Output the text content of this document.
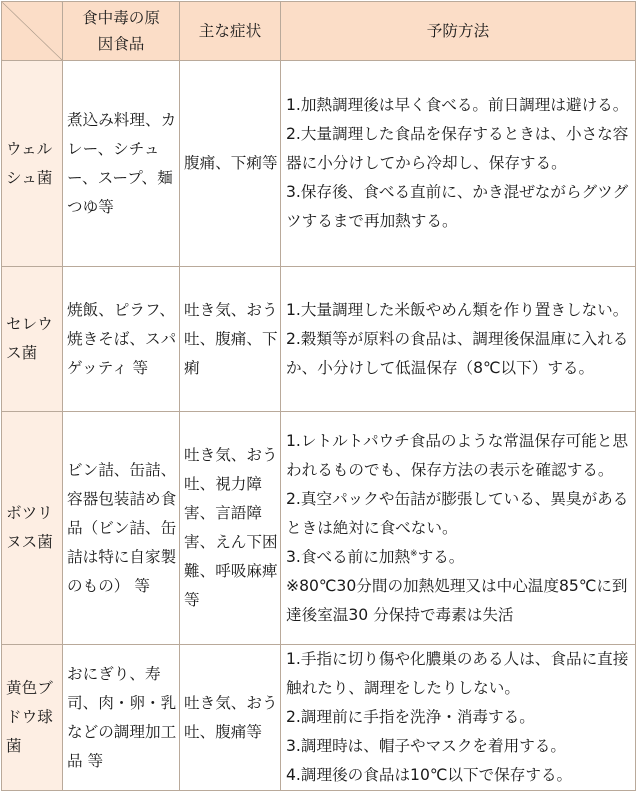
	食中毒の原因食品	主な症状	予防方法
ウェルシュ菌	煮込み料理、カレー、シチュー、スープ、麺つゆ等	腹痛、下痢等	1.加熱調理後は早く食べる。前日調理は避ける。
2.大量調理した食品を保存するときは、小さな容器に小分けしてから冷却し、保存する。
3.保存後、食べる直前に、かき混ぜながらグツグツするまで再加熱する。

セレウス菌	焼飯、ピラフ、焼きそば、スパゲッティ 等	吐き気、おう吐、腹痛、下痢	1.大量調理した米飯やめん類を作り置きしない。
2.穀類等が原料の食品は、調理後保温庫に入れるか、小分けして低温保存（8℃以下）する。

ボツリヌス菌	ビン詰、缶詰、容器包装詰め食品（ビン詰、缶詰は特に自家製のもの） 等	吐き気、おう吐、視力障害、言語障害、えん下困難、呼吸麻痺 等	1.レトルトパウチ食品のような常温保存可能と思われるものでも、保存方法の表示を確認する。
2.真空パックや缶詰が膨張している、異臭があるときは絶対に食べない。
3.食べる前に加熱※する。
※80℃30分間の加熱処理又は中心温度85℃に到達後室温30 分保持で毒素は失活

黄色ブドウ球菌	おにぎり、寿司、肉・卵・乳などの調理加工品 等	吐き気、おう吐、腹痛等	1.手指に切り傷や化膿巣のある人は、食品に直接触れたり、調理をしたりしない。
2.調理前に手指を洗浄・消毒する。
3.調理時は、帽子やマスクを着用する。
4.調理後の食品は10℃以下で保存する。
